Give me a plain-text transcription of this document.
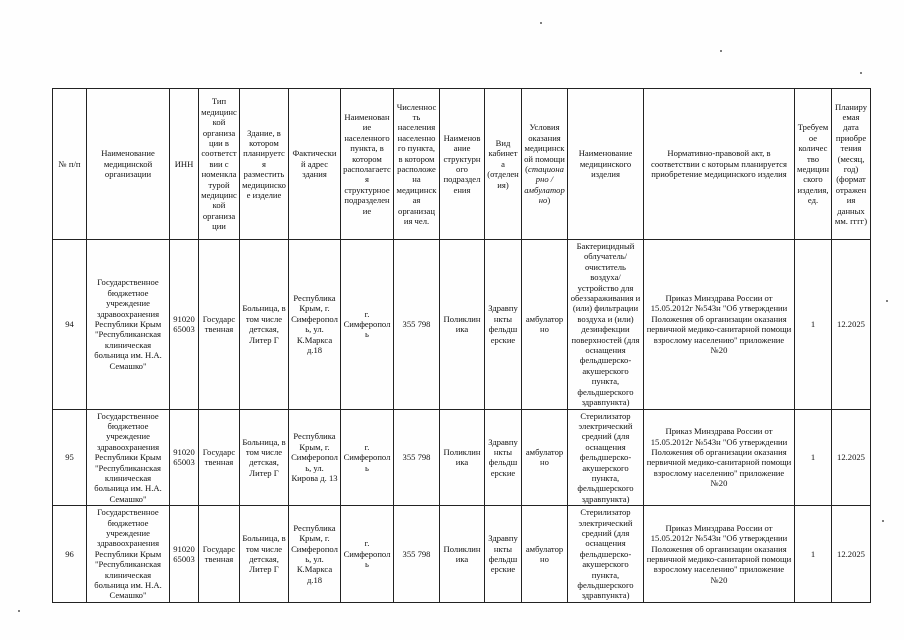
№ п/п	Наименование медицинской организации	ИНН	Тип медицинской организации в соответствии с номенклатурой медицинской организации	Здание, в котором планируется разместить медицинское изделие	Фактический адрес здания	Наименование населенного пункта, в котором располагается структурное подразделение	Численность населения населенного пункта, в котором расположена медицинская организация чел.	Наименование структурного подразделения	Вид кабинета (отделения)	Условия оказания медицинской помощи (стационарно / амбулаторно)	Наименование медицинского изделия	Нормативно-правовой акт, в соответствии с которым планируется приобретение медицинского изделия	Требуемое количество медицинского изделия, ед.	Планируемая дата приобретения (месяц, год) (формат отражения данных мм. гггг)
94	Государственное бюджетное учреждение здравоохранения Республики Крым "Республиканская клиническая больница им. Н.А. Семашко"	9102065003	Государственная	Больница, в том числе детская, Литер Г	Республика Крым, г. Симферополь, ул. К.Маркса д.18	г. Симферополь	355 798	Поликлиника	Здравпункты фельдшерские	амбулаторно	Бактерицидный облучатель/очиститель воздуха/устройство для обеззараживания и (или) фильтрации воздуха и (или) дезинфекции поверхностей (для оснащения фельдшерско-акушерского пункта, фельдшерского здравпункта)	Приказ Минздрава России от 15.05.2012г №543н "Об утверждении Положения об организации оказания первичной медико-санитарной помощи взрослому населению" приложение №20	1	12.2025
95	Государственное бюджетное учреждение здравоохранения Республики Крым "Республиканская клиническая больница им. Н.А. Семашко"	9102065003	Государственная	Больница, в том числе детская, Литер Г	Республика Крым, г. Симферополь, ул. Кирова д. 13	г. Симферополь	355 798	Поликлиника	Здравпункты фельдшерские	амбулаторно	Стерилизатор электрический средний (для оснащения фельдшерско-акушерского пункта, фельдшерского здравпункта)	Приказ Минздрава России от 15.05.2012г №543н "Об утверждении Положения об организации оказания первичной медико-санитарной помощи взрослому населению" приложение №20	1	12.2025
96	Государственное бюджетное учреждение здравоохранения Республики Крым "Республиканская клиническая больница им. Н.А. Семашко"	9102065003	Государственная	Больница, в том числе детская, Литер Г	Республика Крым, г. Симферополь, ул. К.Маркса д.18	г. Симферополь	355 798	Поликлиника	Здравпункты фельдшерские	амбулаторно	Стерилизатор электрический средний (для оснащения фельдшерско-акушерского пункта, фельдшерского здравпункта)	Приказ Минздрава России от 15.05.2012г №543н "Об утверждении Положения об организации оказания первичной медико-санитарной помощи взрослому населению" приложение №20	1	12.2025
